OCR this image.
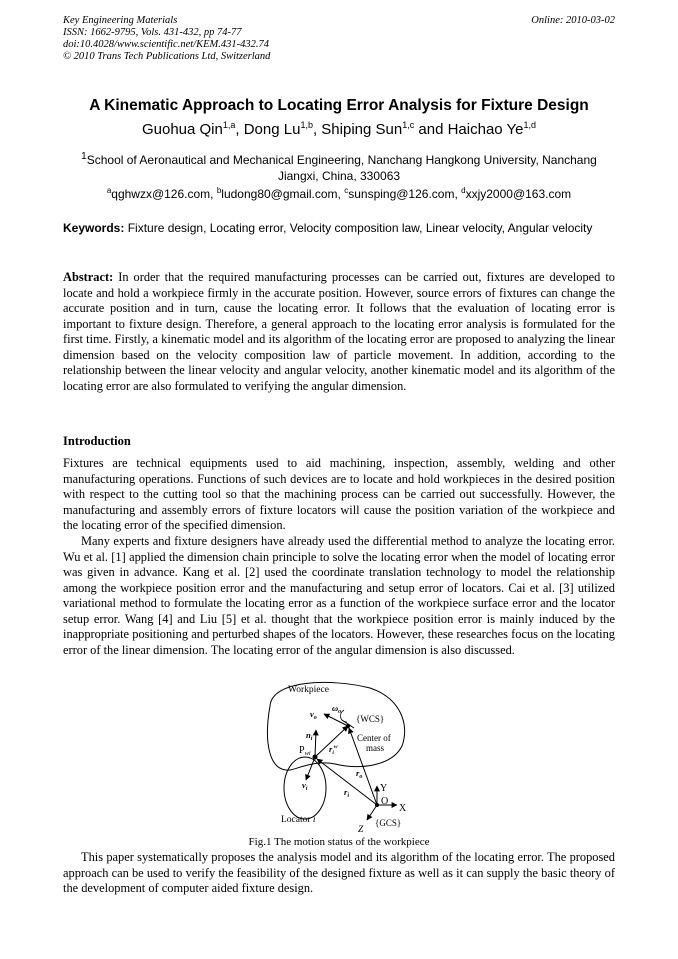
Key Engineering Materials
ISSN: 1662-9795, Vols. 431-432, pp 74-77
doi:10.4028/www.scientific.net/KEM.431-432.74
© 2010 Trans Tech Publications Ltd, Switzerland
Online: 2010-03-02
A Kinematic Approach to Locating Error Analysis for Fixture Design
Guohua Qin$^{1,a}$, Dong Lu$^{1,b}$, Shiping Sun$^{1,c}$ and Haichao Ye$^{1,d}$
$^1$School of Aeronautical and Mechanical Engineering, Nanchang Hangkong University, Nanchang Jiangxi, China, 330063
$^a$qghwzx@126.com, $^b$ludong80@gmail.com, $^c$sunsping@126.com, $^d$xxjy2000@163.com
Keywords: Fixture design, Locating error, Velocity composition law, Linear velocity, Angular velocity
Abstract: In order that the required manufacturing processes can be carried out, fixtures are developed to locate and hold a workpiece firmly in the accurate position. However, source errors of fixtures can change the accurate position and in turn, cause the locating error. It follows that the evaluation of locating error is important to fixture design. Therefore, a general approach to the locating error analysis is formulated for the first time. Firstly, a kinematic model and its algorithm of the locating error are proposed to analyzing the linear dimension based on the velocity composition law of particle movement. In addition, according to the relationship between the linear velocity and angular velocity, another kinematic model and its algorithm of the locating error are also formulated to verifying the angular dimension.
Introduction
Fixtures are technical equipments used to aid machining, inspection, assembly, welding and other manufacturing operations. Functions of such devices are to locate and hold workpieces in the desired position with respect to the cutting tool so that the machining process can be carried out successfully. However, the manufacturing and assembly errors of fixture locators will cause the position variation of the workpiece and the locating error of the specified dimension.
Many experts and fixture designers have already used the differential method to analyze the locating error. Wu et al. [1] applied the dimension chain principle to solve the locating error when the model of locating error was given in advance. Kang et al. [2] used the coordinate translation technology to model the relationship among the workpiece position error and the manufacturing and setup error of locators. Cai et al. [3] utilized variational method to formulate the locating error as a function of the workpiece surface error and the locator setup error. Wang [4] and Liu [5] et al. thought that the workpiece position error is mainly induced by the inappropriate positioning and perturbed shapes of the locators. However, these researches focus on the locating error of the linear dimension. The locating error of the angular dimension is also discussed.
Workpiece
$v_o$
$\omega_o$
{WCS}
Center of
mass
$n_i$
$P_{wi}$ $r_i^w$
$v_i$
$r_o$
$r_i$
Y
X
O
{GCS}
Z
Locator i
Fig.1 The motion status of the workpiece
This paper systematically proposes the analysis model and its algorithm of the locating error. The proposed approach can be used to verify the feasibility of the designed fixture as well as it can supply the basic theory of the development of computer aided fixture design.
